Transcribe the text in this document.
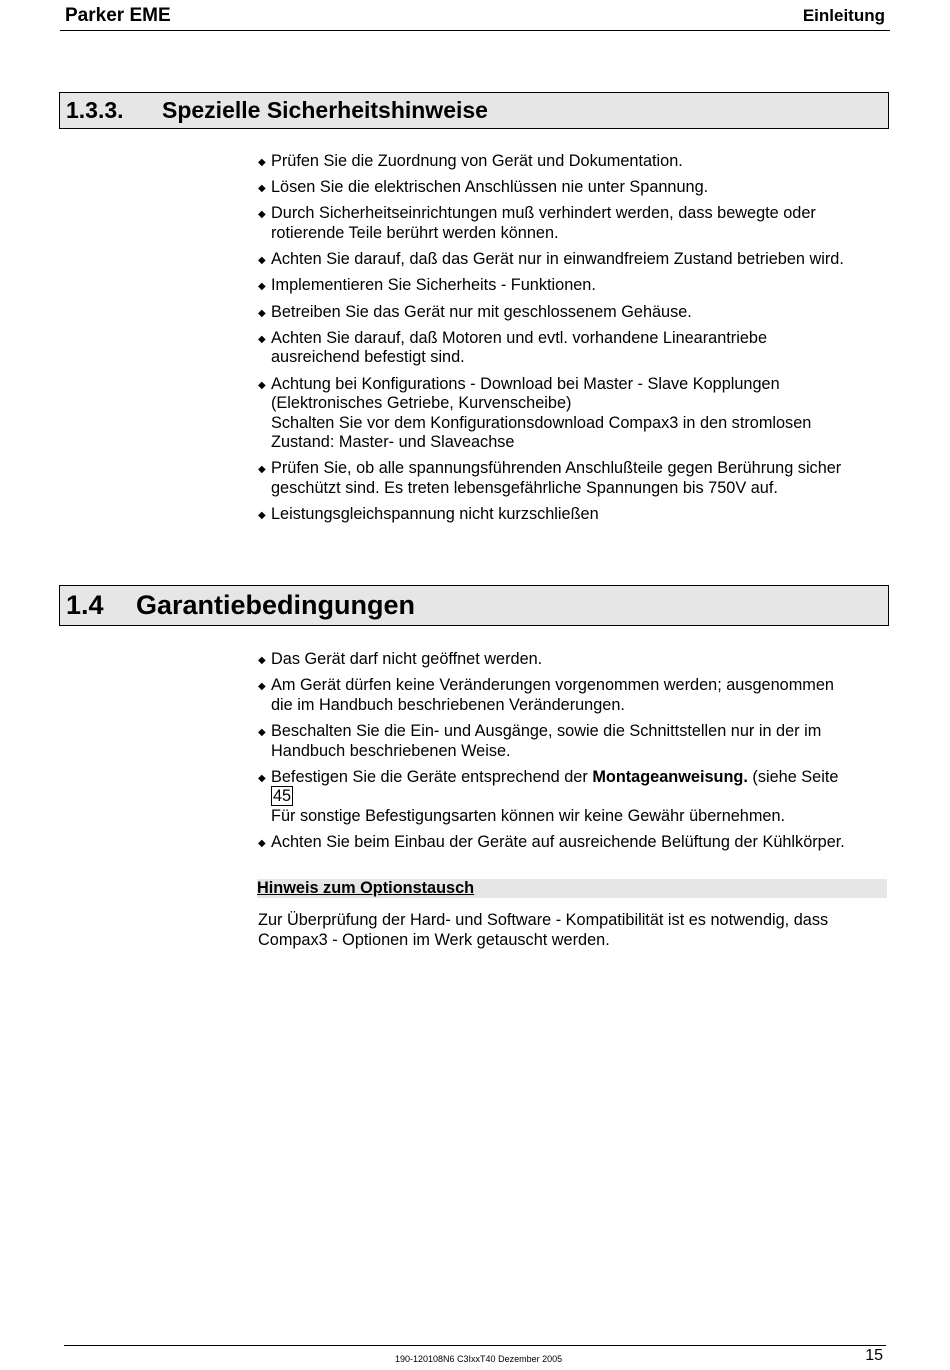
Parker EME	Einleitung
1.3.3.	Spezielle Sicherheitshinweise
◆ Prüfen Sie die Zuordnung von Gerät und Dokumentation.
◆ Lösen Sie die elektrischen Anschlüssen nie unter Spannung.
◆ Durch Sicherheitseinrichtungen muß verhindert werden, dass bewegte oder
rotierende Teile berührt werden können.
◆ Achten Sie darauf, daß das Gerät nur in einwandfreiem Zustand betrieben wird.
◆ Implementieren Sie Sicherheits - Funktionen.
◆ Betreiben Sie das Gerät nur mit geschlossenem Gehäuse.
◆ Achten Sie darauf, daß Motoren und evtl. vorhandene Linearantriebe
ausreichend befestigt sind.
◆ Achtung bei Konfigurations - Download bei Master - Slave Kopplungen
(Elektronisches Getriebe, Kurvenscheibe)
Schalten Sie vor dem Konfigurationsdownload Compax3 in den stromlosen
Zustand: Master- und Slaveachse
◆ Prüfen Sie, ob alle spannungsführenden Anschlußteile gegen Berührung sicher
geschützt sind. Es treten lebensgefährliche Spannungen bis 750V auf.
◆ Leistungsgleichspannung nicht kurzschließen
1.4	Garantiebedingungen
◆ Das Gerät darf nicht geöffnet werden.
◆ Am Gerät dürfen keine Veränderungen vorgenommen werden; ausgenommen
die im Handbuch beschriebenen Veränderungen.
◆ Beschalten Sie die Ein- und Ausgänge, sowie die Schnittstellen nur in der im
Handbuch beschriebenen Weise.
◆ Befestigen Sie die Geräte entsprechend der Montageanweisung. (siehe Seite
45
Für sonstige Befestigungsarten können wir keine Gewähr übernehmen.
◆ Achten Sie beim Einbau der Geräte auf ausreichende Belüftung der Kühlkörper.
Hinweis zum Optionstausch
Zur Überprüfung der Hard- und Software - Kompatibilität ist es notwendig, dass
Compax3 - Optionen im Werk getauscht werden.
190-120108N6 C3IxxT40 Dezember 2005	15
